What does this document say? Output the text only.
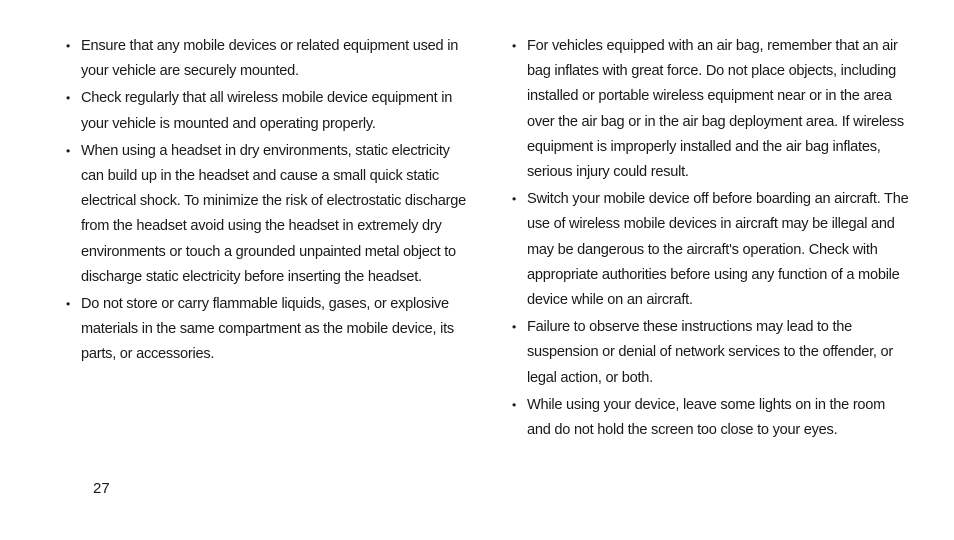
• Ensure that any mobile devices or related equipment used in your vehicle are securely mounted.
• Check regularly that all wireless mobile device equipment in your vehicle is mounted and operating properly.
• When using a headset in dry environments, static electricity can build up in the headset and cause a small quick static electrical shock. To minimize the risk of electrostatic discharge from the headset avoid using the headset in extremely dry environments or touch a grounded unpainted metal object to discharge static electricity before inserting the headset.
• Do not store or carry flammable liquids, gases, or explosive materials in the same compartment as the mobile device, its parts, or accessories.
• For vehicles equipped with an air bag, remember that an air bag inflates with great force. Do not place objects, including installed or portable wireless equipment near or in the area over the air bag or in the air bag deployment area. If wireless equipment is improperly installed and the air bag inflates, serious injury could result.
• Switch your mobile device off before boarding an aircraft. The use of wireless mobile devices in aircraft may be illegal and may be dangerous to the aircraft's operation. Check with appropriate authorities before using any function of a mobile device while on an aircraft.
• Failure to observe these instructions may lead to the suspension or denial of network services to the offender, or legal action, or both.
• While using your device, leave some lights on in the room and do not hold the screen too close to your eyes.
27
